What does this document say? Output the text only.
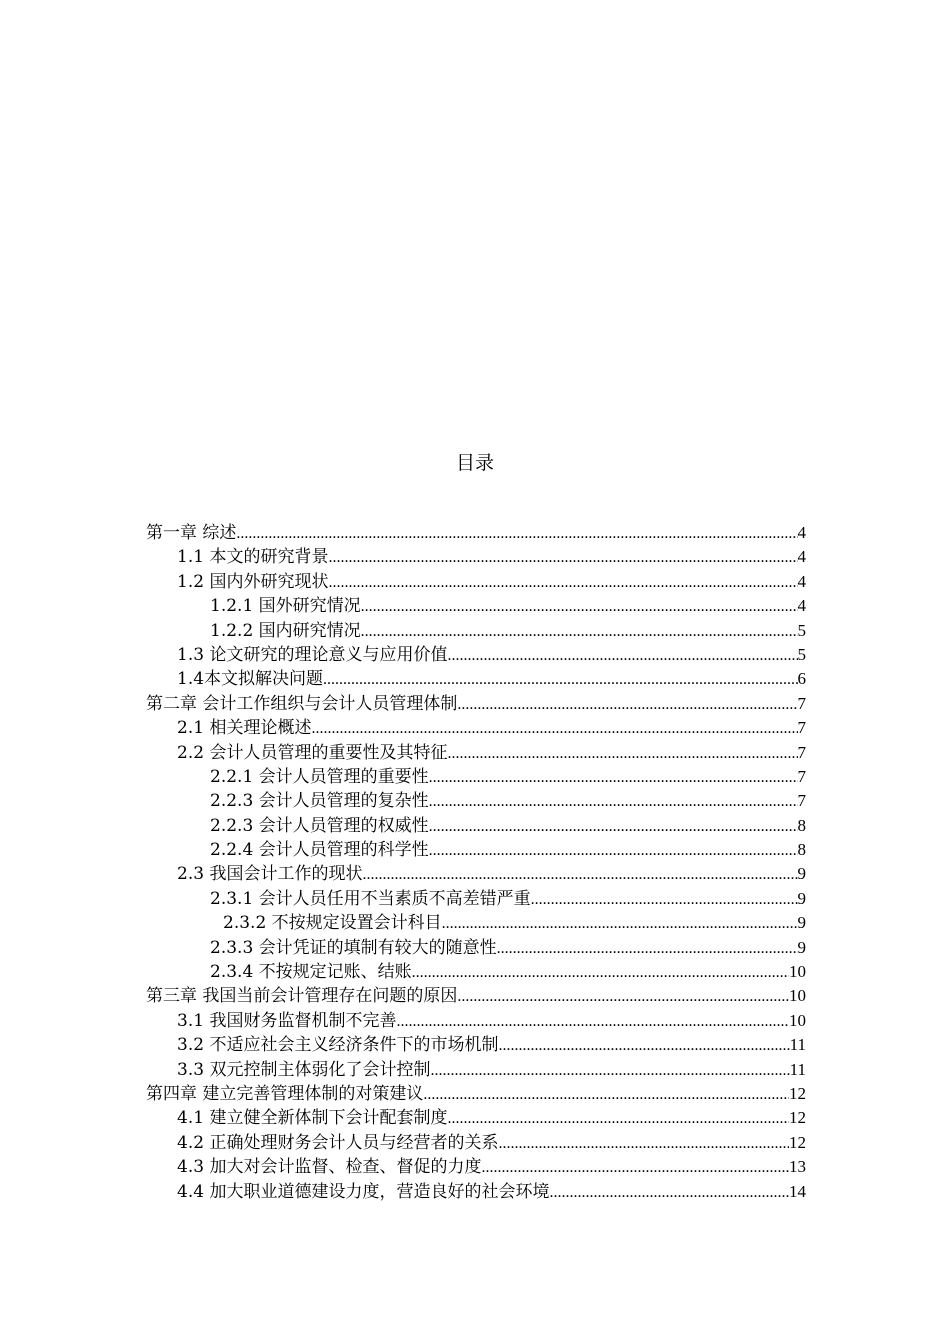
目录
第一章 综述 .....	4
1.1 本文的研究背景 .....	4
1.2 国内外研究现状 .....	4
1.2.1 国外研究情况 .....	4
1.2.2 国内研究情况 .....	5
1.3 论文研究的理论意义与应用价值 .....	5
1.4本文拟解决问题 .....	6
第二章 会计工作组织与会计人员管理体制 .....	7
2.1 相关理论概述 .....	7
2.2 会计人员管理的重要性及其特征 .....	7
2.2.1 会计人员管理的重要性 .....	7
2.2.3 会计人员管理的复杂性 .....	7
2.2.3 会计人员管理的权威性 .....	8
2.2.4 会计人员管理的科学性 .....	8
2.3 我国会计工作的现状 .....	9
2.3.1 会计人员任用不当素质不高差错严重 .....	9
2.3.2 不按规定设置会计科目 .....	9
2.3.3 会计凭证的填制有较大的随意性 .....	9
2.3.4 不按规定记账、结账 .....	10
第三章 我国当前会计管理存在问题的原因 .....	10
3.1 我国财务监督机制不完善 .....	10
3.2 不适应社会主义经济条件下的市场机制 .....	11
3.3 双元控制主体弱化了会计控制 .....	11
第四章 建立完善管理体制的对策建议 .....	12
4.1 建立健全新体制下会计配套制度 .....	12
4.2 正确处理财务会计人员与经营者的关系 .....	12
4.3 加大对会计监督、检查、督促的力度 .....	13
4.4 加大职业道德建设力度，营造良好的社会环境 .....	14
